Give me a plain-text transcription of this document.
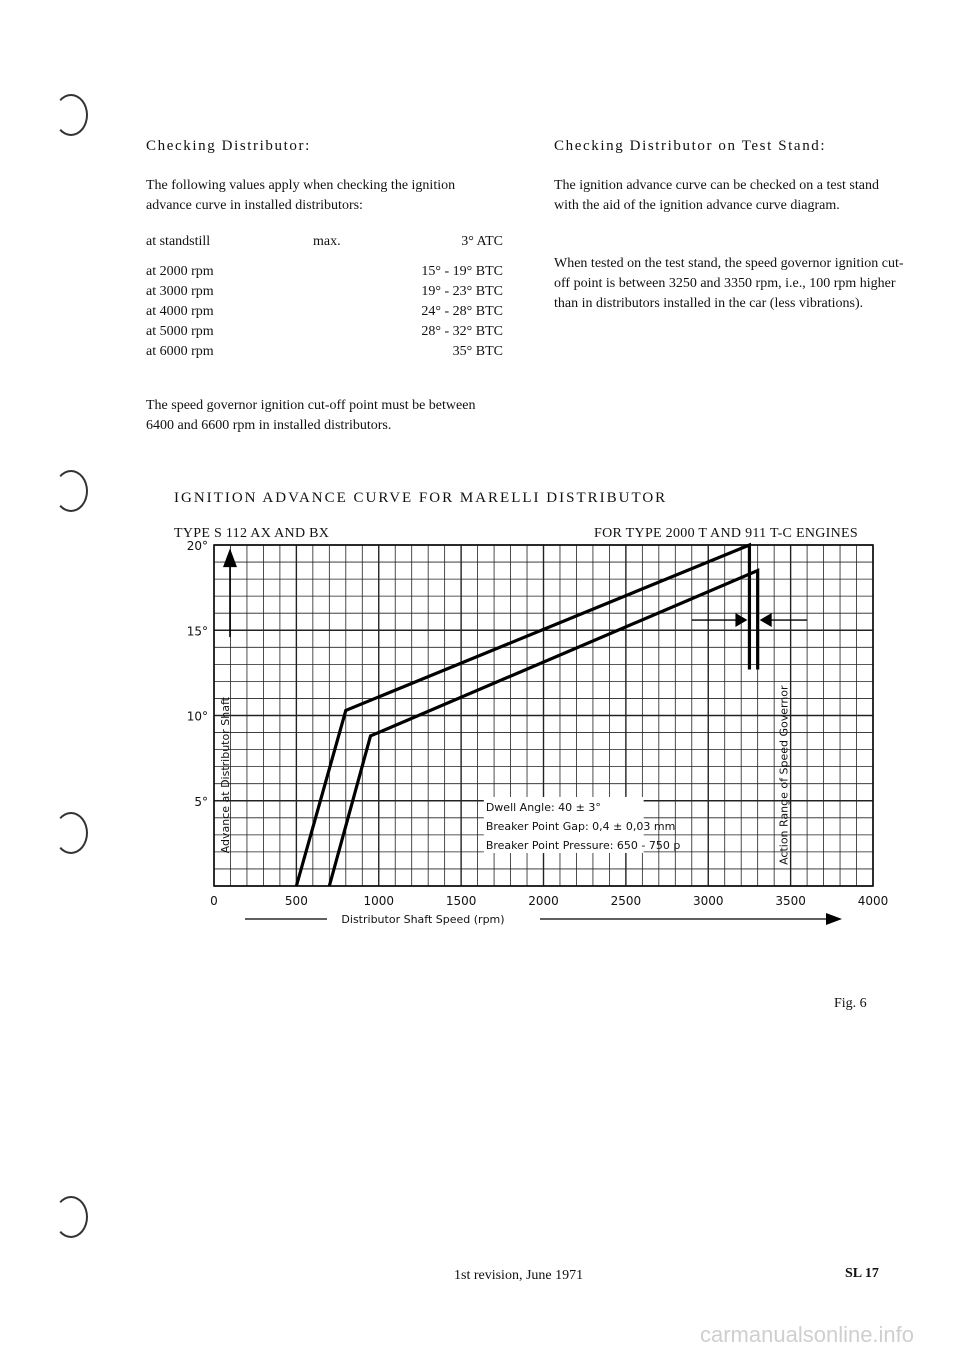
Checking Distributor:
The following values apply when checking the ignition advance curve in installed distributors:
at standstill	max.	3° ATC
at 2000 rpm	15° - 19° BTC
at 3000 rpm	19° - 23° BTC
at 4000 rpm	24° - 28° BTC
at 5000 rpm	28° - 32° BTC
at 6000 rpm	35° BTC
The speed governor ignition cut-off point must be between 6400 and 6600 rpm in installed distributors.
Checking Distributor on Test Stand:
The ignition advance curve can be checked on a test stand with the aid of the ignition advance curve diagram.
When tested on the test stand, the speed governor ignition cut-off point is between 3250 and 3350 rpm, i.e., 100 rpm higher than in distributors installed in the car (less vibrations).
IGNITION ADVANCE CURVE FOR MARELLI DISTRIBUTOR
TYPE S 112 AX AND BX	FOR TYPE 2000 T AND 911 T-C ENGINES
0	500	1000	1500	2000	2500	3000	3500	4000
5°
10°
15°
20°
Distributor Shaft Speed (rpm)
Advance at Distributor Shaft	Action Range of Speed Governor
Dwell Angle: 40 ± 3°
Breaker Point Gap: 0,4 ± 0,03 mm
Breaker Point Pressure: 650 - 750 p
Fig. 6
1st revision, June 1971	SL 17
carmanualsonline.info
